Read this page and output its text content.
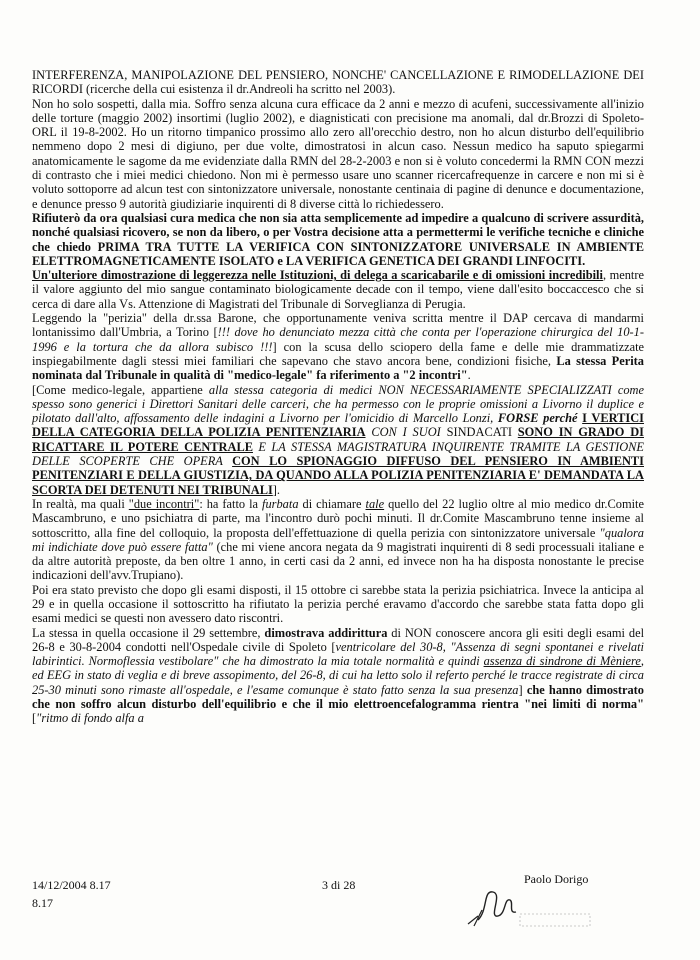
INTERFERENZA, MANIPOLAZIONE DEL PENSIERO, NONCHE' CANCELLAZIONE E RIMODELLAZIONE DEI RICORDI (ricerche della cui esistenza il dr.Andreoli ha scritto nel 2003).

Non ho solo sospetti, dalla mia. Soffro senza alcuna cura efficace da 2 anni e mezzo di acufeni, successivamente all'inizio delle torture (maggio 2002) insortimi (luglio 2002), e diagnisticati con precisione ma anomali, dal dr.Brozzi di Spoleto-ORL il 19-8-2002. Ho un ritorno timpanico prossimo allo zero all'orecchio destro, non ho alcun disturbo dell'equilibrio nemmeno dopo 2 mesi di digiuno, per due volte, dimostratosi in alcun caso. Nessun medico ha saputo spiegarmi anatomicamente le sagome da me evidenziate dalla RMN del 28-2-2003 e non si è voluto concedermi la RMN CON mezzi di contrasto che i miei medici chiedono. Non mi è permesso usare uno scanner ricercafrequenze in carcere e non mi si è voluto sottoporre ad alcun test con sintonizzatore universale, nonostante centinaia di pagine di denunce e documentazione, e denunce presso 9 autorità giudiziarie inquirenti di 8 diverse città lo richiedessero.

Rifiuterò da ora qualsiasi cura medica che non sia atta semplicemente ad impedire a qualcuno di scrivere assurdità, nonché qualsiasi ricovero, se non da libero, o per Vostra decisione atta a permettermi le verifiche tecniche e cliniche che chiedo PRIMA TRA TUTTE LA VERIFICA CON SINTONIZZATORE UNIVERSALE IN AMBIENTE ELETTROMAGNETICAMENTE ISOLATO e LA VERIFICA GENETICA DEI GRANDI LINFOCITI.

Un'ulteriore dimostrazione di leggerezza nelle Istituzioni, di delega a scaricabarile e di omissioni incredibili, mentre il valore aggiunto del mio sangue contaminato biologicamente decade con il tempo, viene dall'esito boccaccesco che si cerca di dare alla Vs. Attenzione di Magistrati del Tribunale di Sorveglianza di Perugia.

Leggendo la "perizia" della dr.ssa Barone, che opportunamente veniva scritta mentre il DAP cercava di mandarmi lontanissimo dall'Umbria, a Torino [!!! dove ho denunciato mezza città che conta per l'operazione chirurgica del 10-1-1996 e la tortura che da allora subisco !!!] con la scusa dello sciopero della fame e delle mie drammatizzate inspiegabilmente dagli stessi miei familiari che sapevano che stavo ancora bene, condizioni fisiche, La stessa Perita nominata dal Tribunale in qualità di "medico-legale" fa riferimento a "2 incontri".

[Come medico-legale, appartiene alla stessa categoria di medici NON NECESSARIAMENTE SPECIALIZZATI come spesso sono generici i Direttori Sanitari delle carceri, che ha permesso con le proprie omissioni a Livorno il duplice e pilotato dall'alto, affossamento delle indagini a Livorno per l'omicidio di Marcello Lonzi, FORSE perché I VERTICI DELLA CATEGORIA DELLA POLIZIA PENITENZIARIA CON I SUOI SINDACATI SONO IN GRADO DI RICATTARE IL POTERE CENTRALE E LA STESSA MAGISTRATURA INQUIRENTE TRAMITE LA GESTIONE DELLE SCOPERTE CHE OPERA CON LO SPIONAGGIO DIFFUSO DEL PENSIERO IN AMBIENTI PENITENZIARI E DELLA GIUSTIZIA, DA QUANDO ALLA POLIZIA PENITENZIARIA E' DEMANDATA LA SCORTA DEI DETENUTI NEI TRIBUNALI].

In realtà, ma quali "due incontri": ha fatto la furbata di chiamare tale quello del 22 luglio oltre al mio medico dr.Comite Mascambruno, e uno psichiatra di parte, ma l'incontro durò pochi minuti. Il dr.Comite Mascambruno tenne insieme al sottoscritto, alla fine del colloquio, la proposta dell'effettuazione di quella perizia con sintonizzatore universale "qualora mi indichiate dove può essere fatta" (che mi viene ancora negata da 9 magistrati inquirenti di 8 sedi processuali italiane e da altre autorità preposte, da ben oltre 1 anno, in certi casi da 2 anni, ed invece non ha ha disposta nonostante le precise indicazioni dell'avv.Trupiano).

Poi era stato previsto che dopo gli esami disposti, il 15 ottobre ci sarebbe stata la perizia psichiatrica. Invece la anticipa al 29 e in quella occasione il sottoscritto ha rifiutato la perizia perché eravamo d'accordo che sarebbe stata fatta dopo gli esami medici se questi non avessero dato riscontri.

La stessa in quella occasione il 29 settembre, dimostrava addirittura di NON conoscere ancora gli esiti degli esami del 26-8 e 30-8-2004 condotti nell'Ospedale civile di Spoleto [ventricolare del 30-8, "Assenza di segni spontanei e rivelati labirintici. Normoflessia vestibolare" che ha dimostrato la mia totale normalità e quindi assenza di sindrone di Mèniere, ed EEG in stato di veglia e di breve assopimento, del 26-8, di cui ha letto solo il referto perché le tracce registrate di circa 25-30 minuti sono rimaste all'ospedale, e l'esame comunque è stato fatto senza la sua presenza] che hanno dimostrato che non soffro alcun disturbo dell'equilibrio e che il mio elettroencefalogramma rientra "nei limiti di norma" ["ritmo di fondo alfa a

14/12/2004 8.17
8.17
3 di 28	Paolo Dorigo
